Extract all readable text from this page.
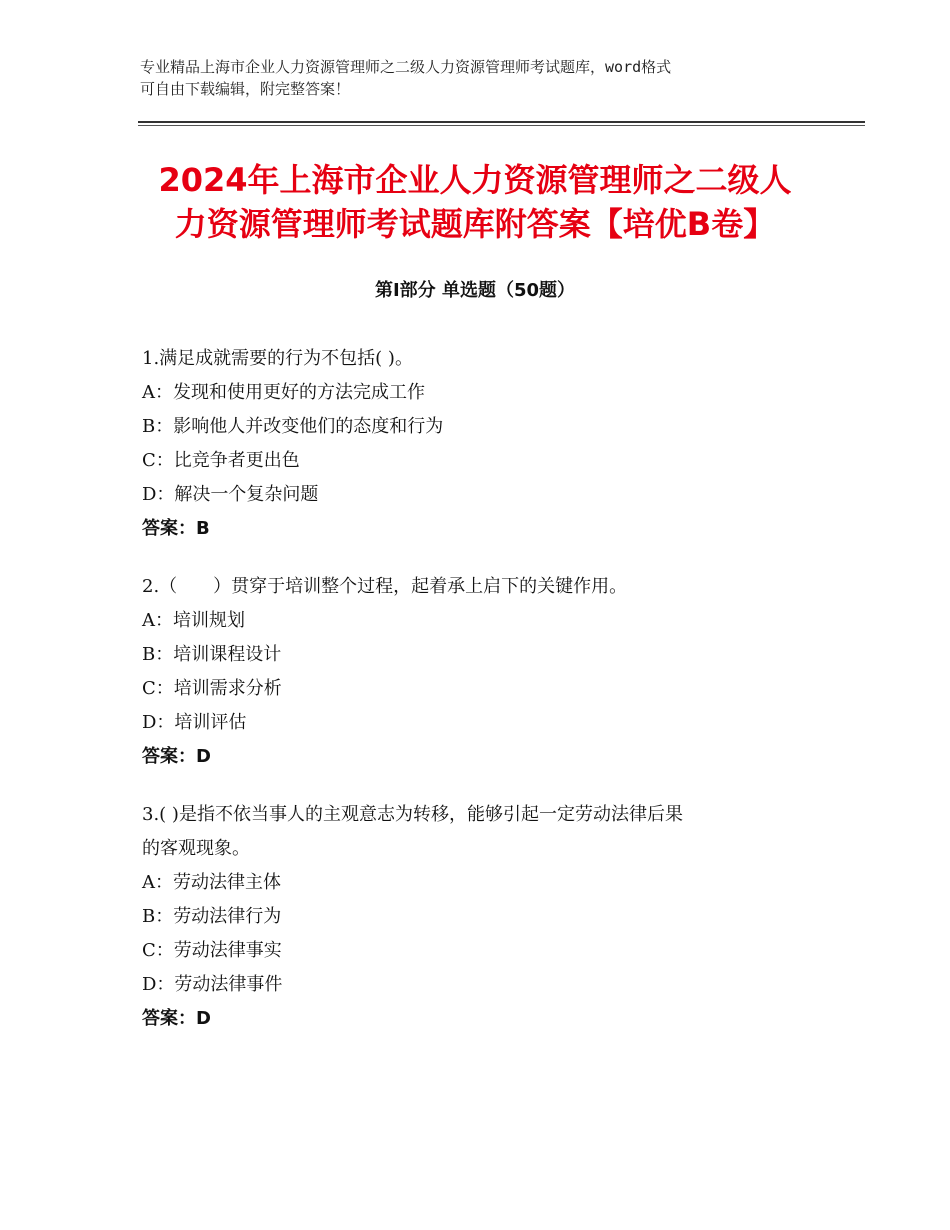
专业精品上海市企业人力资源管理师之二级人力资源管理师考试题库，word格式
可自由下载编辑，附完整答案！
2024年上海市企业人力资源管理师之二级人
力资源管理师考试题库附答案【培优B卷】
第Ⅰ部分 单选题（50题）
1.满足成就需要的行为不包括( )。
A：发现和使用更好的方法完成工作
B：影响他人并改变他们的态度和行为
C：比竞争者更出色
D：解决一个复杂问题
答案：B
2.（　　）贯穿于培训整个过程，起着承上启下的关键作用。
A：培训规划
B：培训课程设计
C：培训需求分析
D：培训评估
答案：D
3.( )是指不依当事人的主观意志为转移，能够引起一定劳动法律后果
的客观现象。
A：劳动法律主体
B：劳动法律行为
C：劳动法律事实
D：劳动法律事件
答案：D
